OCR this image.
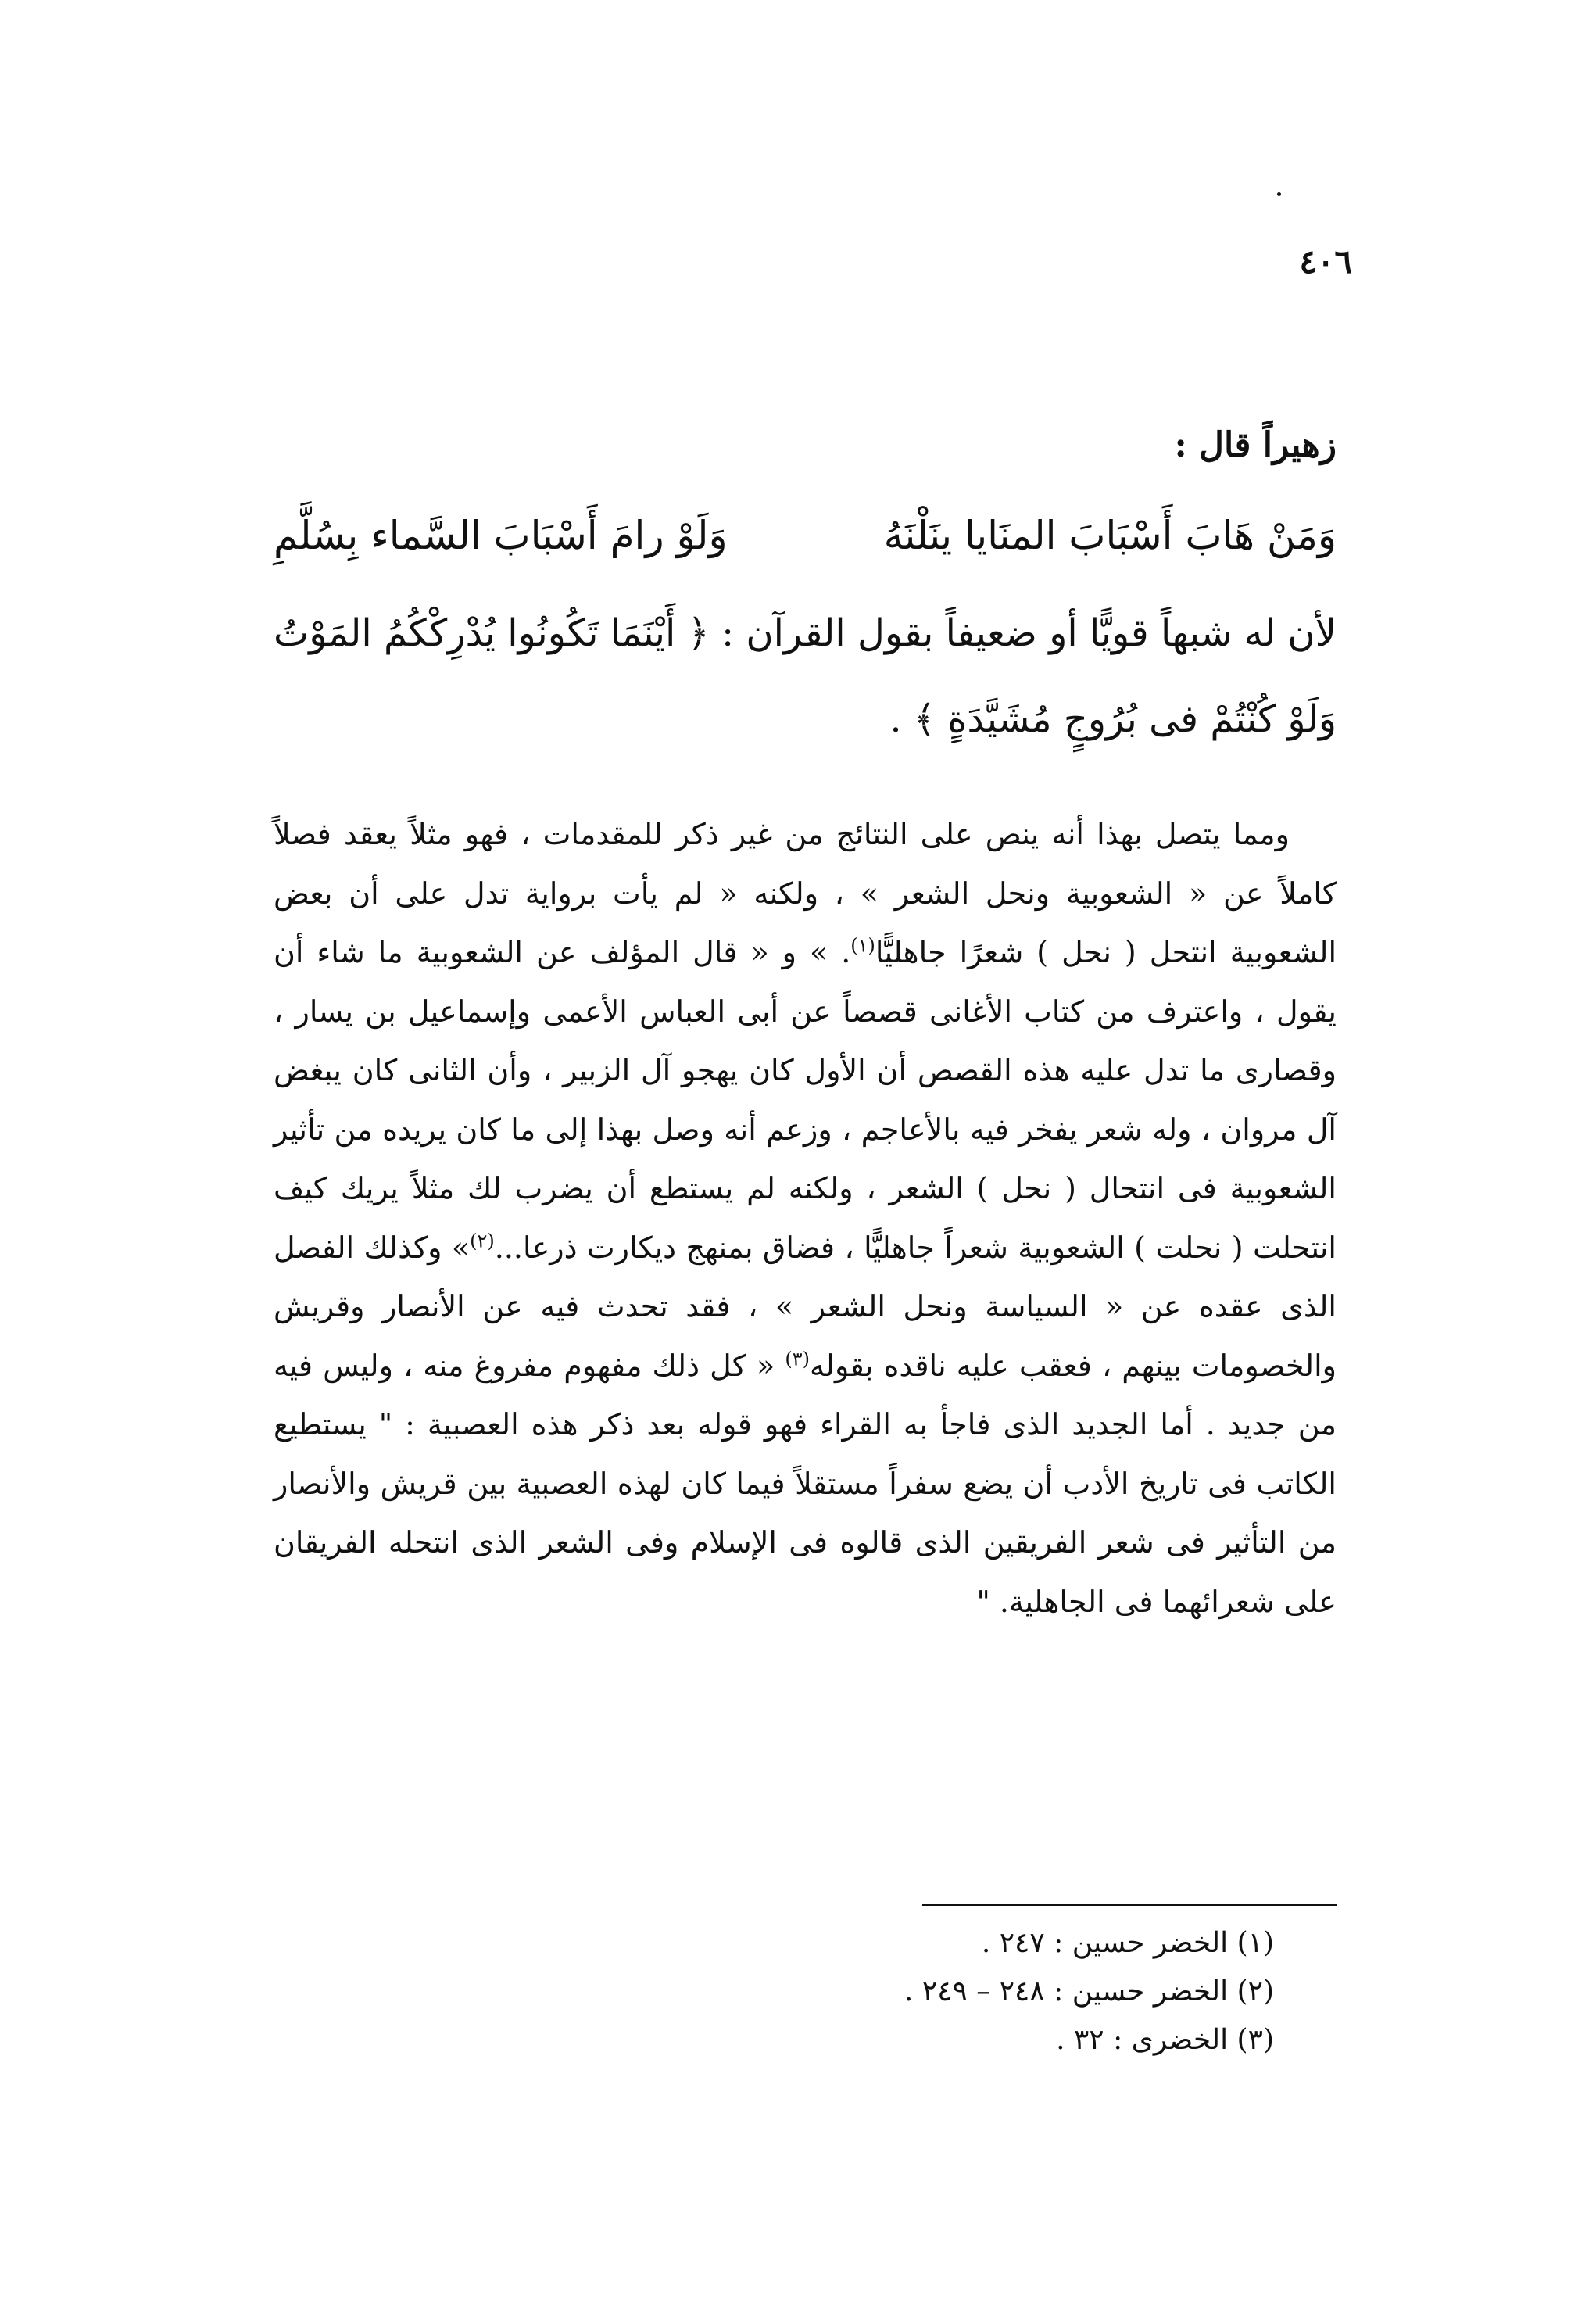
٤٠٦

زهيراً قال :

وَمَنْ هَابَ أَسْبَابَ المنَايا ينَلْنَهُ
وَلَوْ رامَ أَسْبَابَ السَّماء بِسُلَّمِ

لأن له شبهاً قويًّا أو ضعيفاً بقول القرآن : ﴿ أَيْنَمَا تَكُونُوا يُدْرِكْكُمُ المَوْتُ وَلَوْ كُنْتُمْ فى بُرُوجٍ مُشَيَّدَةٍ ﴾ .

ومما يتصل بهذا أنه ينص على النتائج من غير ذكر للمقدمات ، فهو مثلاً يعقد فصلاً كاملاً عن « الشعوبية ونحل الشعر » ، ولكنه « لم يأت برواية تدل على أن بعض الشعوبية انتحل ( نحل ) شعرًا جاهليًّا$^{(١)}$. » و « قال المؤلف عن الشعوبية ما شاء أن يقول ، واعترف من كتاب الأغانى قصصاً عن أبى العباس الأعمى وإسماعيل بن يسار ، وقصارى ما تدل عليه هذه القصص أن الأول كان يهجو آل الزبير ، وأن الثانى كان يبغض آل مروان ، وله شعر يفخر فيه بالأعاجم ، وزعم أنه وصل بهذا إلى ما كان يريده من تأثير الشعوبية فى انتحال ( نحل ) الشعر ، ولكنه لم يستطع أن يضرب لك مثلاً يريك كيف انتحلت ( نحلت ) الشعوبية شعراً جاهليًّا ، فضاق بمنهج ديكارت ذرعا...$^{(٢)}$» وكذلك الفصل الذى عقده عن « السياسة ونحل الشعر » ، فقد تحدث فيه عن الأنصار وقريش والخصومات بينهم ، فعقب عليه ناقده بقوله$^{(٣)}$ « كل ذلك مفهوم مفروغ منه ، وليس فيه من جديد . أما الجديد الذى فاجأ به القراء فهو قوله بعد ذكر هذه العصبية : " يستطيع الكاتب فى تاريخ الأدب أن يضع سفراً مستقلاً فيما كان لهذه العصبية بين قريش والأنصار من التأثير فى شعر الفريقين الذى قالوه فى الإسلام وفى الشعر الذى انتحله الفريقان على شعرائهما فى الجاهلية. "

(١) الخضر حسين : ٢٤٧ .

(٢) الخضر حسين : ٢٤٨ – ٢٤٩ .

(٣) الخضرى : ٣٢ .
